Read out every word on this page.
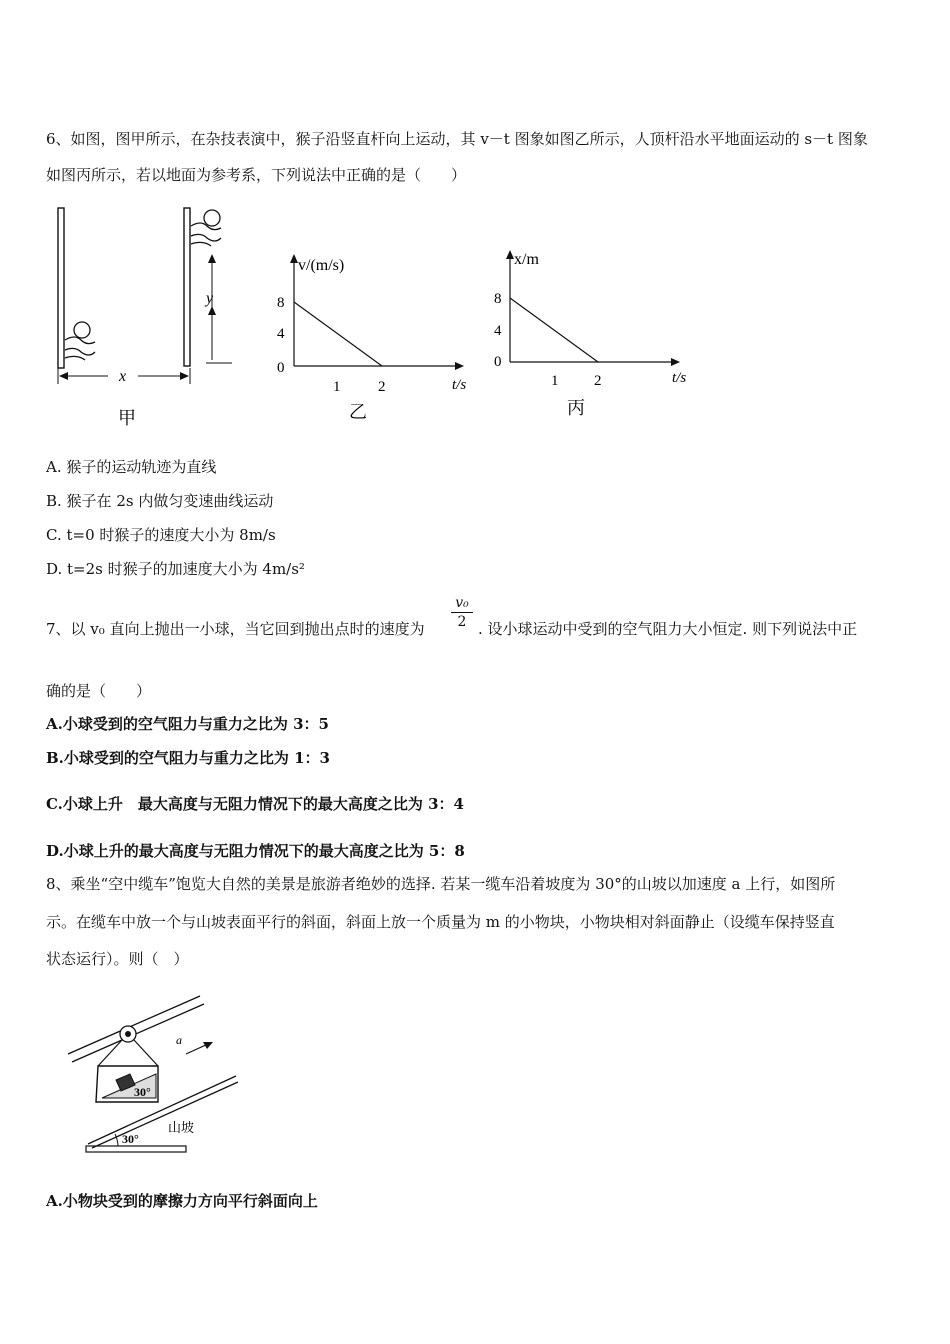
6、如图，图甲所示，在杂技表演中，猴子沿竖直杆向上运动，其 v－t 图象如图乙所示，人顶杆沿水平地面运动的 s－t 图象
如图丙所示，若以地面为参考系，下列说法中正确的是（　　）
y
x
甲
v/(m/s)
t/s
8
4
0
1	2
乙
x/m
t/s
8
4
0
1 2
丙
A. 猴子的运动轨迹为直线
B. 猴子在 2s 内做匀变速曲线运动
C. t=0 时猴子的速度大小为 8m/s
D. t=2s 时猴子的加速度大小为 4m/s²
7、以 v₀ 直向上抛出一小球，当它回到抛出点时的速度为 $\frac{\text{v₀}}{2}$ . 设小球运动中受到的空气阻力大小恒定. 则下列说法中正
确的是（　　）
A.小球受到的空气阻力与重力之比为 3：5
B.小球受到的空气阻力与重力之比为 1：3
C.小球上升　最大高度与无阻力情况下的最大高度之比为 3：4
D.小球上升的最大高度与无阻力情况下的最大高度之比为 5：8
8、乘坐“空中缆车”饱览大自然的美景是旅游者绝妙的选择. 若某一缆车沿着坡度为 30°的山坡以加速度 a 上行，如图所
示。在缆车中放一个与山坡表面平行的斜面，斜面上放一个质量为 m 的小物块，小物块相对斜面静止（设缆车保持竖直
状态运行）。则（　）
30°
a
30°
山坡
A.小物块受到的摩擦力方向平行斜面向上
